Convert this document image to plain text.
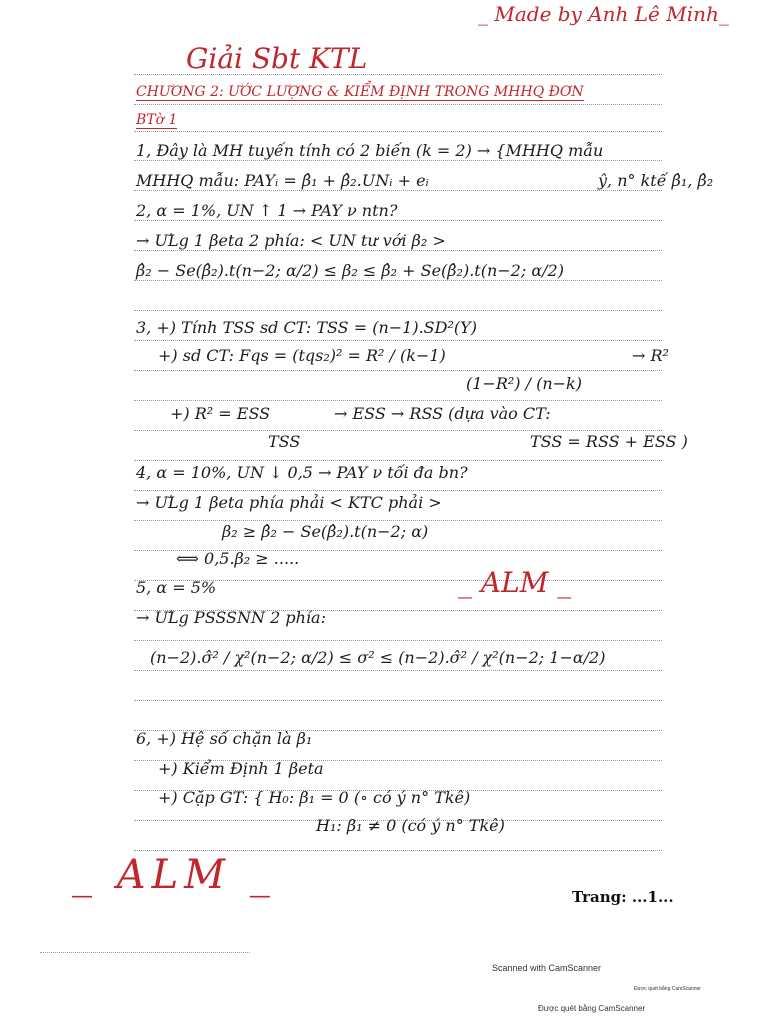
_ Made by Anh Lê Minh_
Giải Sbt KTL
CHƯƠNG 2: ƯỚC LƯỢNG & KIỂM ĐỊNH TRONG MHHQ ĐƠN
BTờ 1
1, Đây là MH tuyến tính có 2 biến (k = 2) → {MHHQ mẫu
MHHQ mẫu: PAYᵢ = β̂₁ + β̂₂.UNᵢ + eᵢ	ŷ, n° ktế β̂₁, β̂₂
2, α = 1%, UN ↑ 1 → PAY ν ntn?
→ ƯLg 1 βeta 2 phía: < UN tư với β₂ >
β̂₂ − Se(β̂₂).t(n−2; α/2) ≤ β₂ ≤ β̂₂ + Se(β̂₂).t(n−2; α/2)
3, +) Tính TSS sd CT: TSS = (n−1).SD²(Y)
+) sd CT: Fqs = (tqs₂)² = R² / (k−1)	→ R²
(1−R²) / (n−k)
+) R² = ESS	→ ESS → RSS (dựa vào CT:
TSS	TSS = RSS + ESS )
4, α = 10%, UN ↓ 0,5 → PAY ν tối đa bn?
→ ƯLg 1 βeta phía phải < KTC phải >
β₂ ≥ β̂₂ − Se(β̂₂).t(n−2; α)
⟺ 0,5.β₂ ≥ .....
5, α = 5%	_ ALM _
→ ƯLg PSSSNN 2 phía:
(n−2).σ̂² / χ²(n−2; α/2) ≤ σ² ≤ (n−2).σ̂² / χ²(n−2; 1−α/2)
6, +) Hệ số chặn là β₁
+) Kiểm Định 1 βeta
+) Cặp GT: { H₀: β₁ = 0 (∘ có ý n° Tkê)
H₁: β₁ ≠ 0 (có ý n° Tkê)
_ ALM _	Trang: ...1...
Scanned with CamScanner
Được quét bằng CamScanner
Được quét bằng CamScanner
